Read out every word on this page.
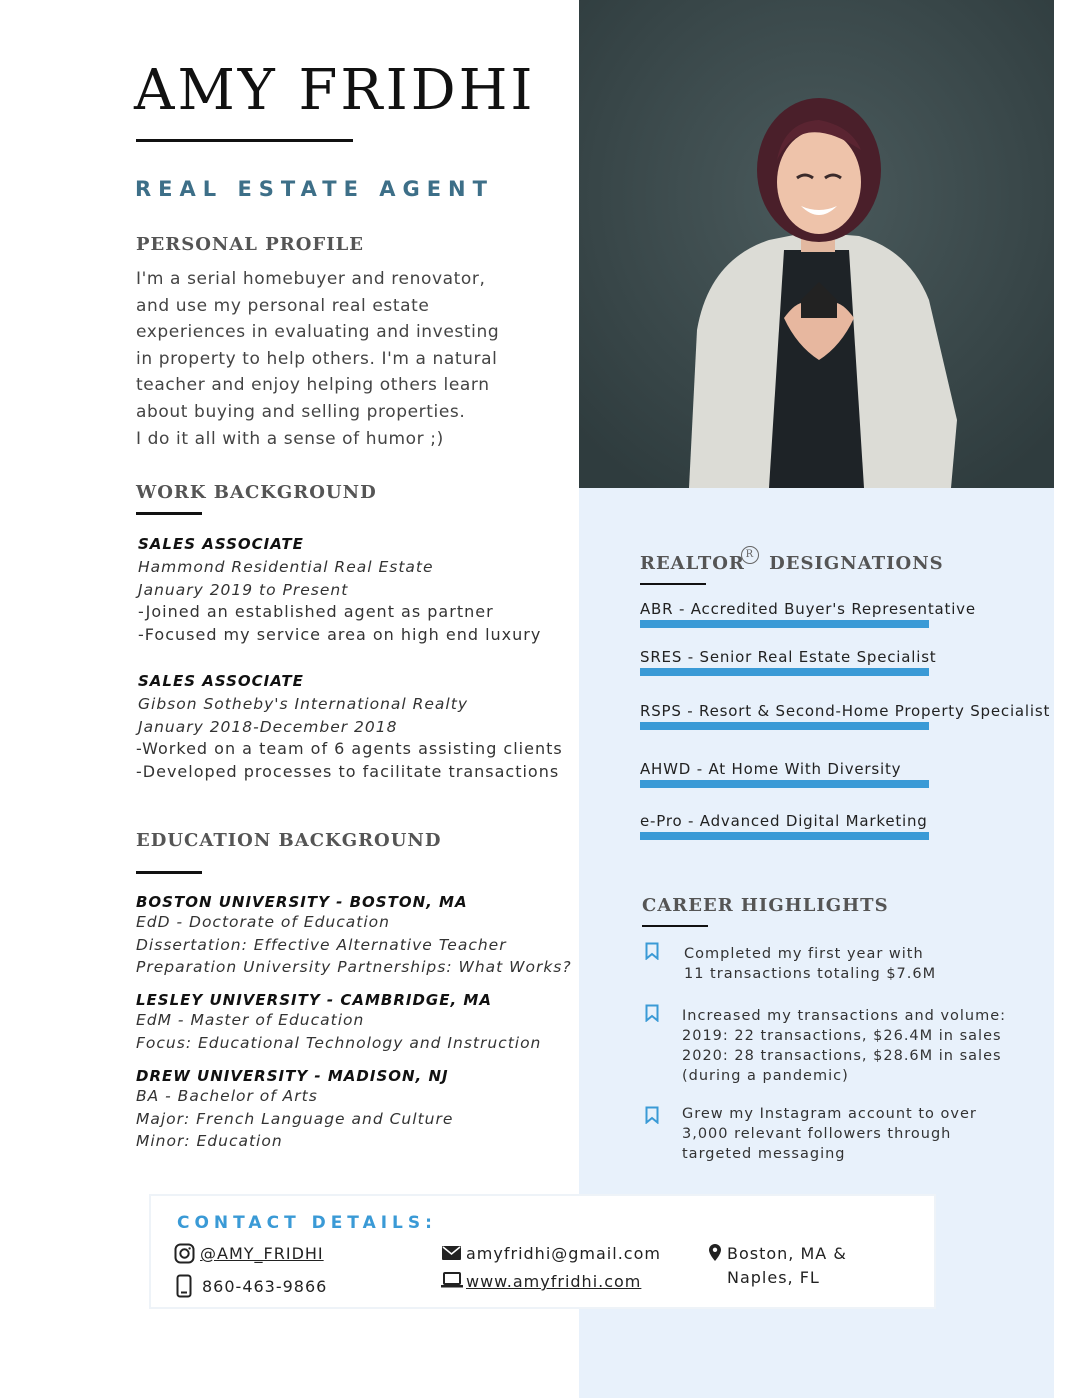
AMY FRIDHI
REAL ESTATE AGENT
PERSONAL PROFILE
I'm a serial homebuyer and renovator,
and use my personal real estate
experiences in evaluating and investing
in property to help others. I'm a natural
teacher and enjoy helping others learn
about buying and selling properties.
I do it all with a sense of humor ;)
WORK BACKGROUND
SALES ASSOCIATE
Hammond Residential Real Estate
January 2019 to Present
-Joined an established agent as partner
-Focused my service area on high end luxury
SALES ASSOCIATE
Gibson Sotheby's International Realty
January 2018-December 2018
-Worked on a team of 6 agents assisting clients
-Developed processes to facilitate transactions
EDUCATION BACKGROUND
BOSTON UNIVERSITY - BOSTON, MA
EdD - Doctorate of Education
Dissertation: Effective Alternative Teacher
Preparation University Partnerships: What Works?
LESLEY UNIVERSITY - CAMBRIDGE, MA
EdM - Master of Education
Focus: Educational Technology and Instruction
DREW UNIVERSITY - MADISON, NJ
BA - Bachelor of Arts
Major: French Language and Culture
Minor: Education
REALTORR DESIGNATIONS
ABR - Accredited Buyer's Representative
SRES - Senior Real Estate Specialist
RSPS - Resort & Second-Home Property Specialist
AHWD - At Home With Diversity
e-Pro - Advanced Digital Marketing
CAREER HIGHLIGHTS
Completed my first year with
11 transactions totaling $7.6M
Increased my transactions and volume:
2019: 22 transactions, $26.4M in sales
2020: 28 transactions, $28.6M in sales
(during a pandemic)
Grew my Instagram account to over
3,000 relevant followers through
targeted messaging
CONTACT DETAILS:
@AMY_FRIDHI
860-463-9866
amyfridhi@gmail.com
www.amyfridhi.com
Boston, MA &
Naples, FL
